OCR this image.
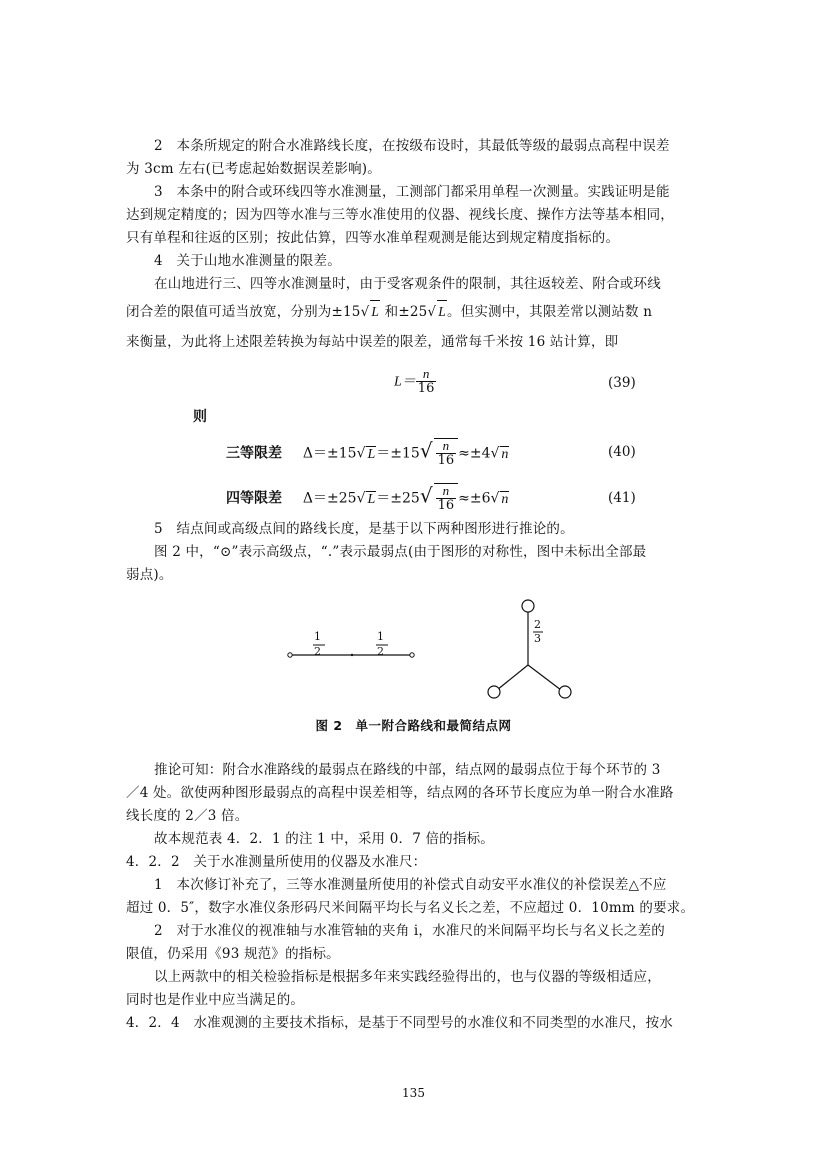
2　本条所规定的附合水准路线长度，在按级布设时，其最低等级的最弱点高程中误差
为 3cm 左右(已考虑起始数据误差影响)。
3　本条中的附合或环线四等水准测量，工测部门都采用单程一次测量。实践证明是能
达到规定精度的；因为四等水准与三等水准使用的仪器、视线长度、操作方法等基本相同，
只有单程和往返的区别；按此估算，四等水准单程观测是能达到规定精度指标的。
4　关于山地水准测量的限差。
在山地进行三、四等水准测量时，由于受客观条件的限制，其往返较差、附合或环线
闭合差的限值可适当放宽，分别为±15√ L 和±25√ L。但实测中，其限差常以测站数 n
来衡量，为此将上述限差转换为每站中误差的限差，通常每千米按 16 站计算，即
$L= \frac{n}{16}$	(39)
则
三等限差 Δ＝±15√ $L=\pm 15√ \frac{n}{16} \approx\pm 4√$ n	(40)
四等限差 Δ＝±25√ $L=\pm 25√ \frac{n}{16} \approx\pm 6√$ n	(41)
5　结点间或高级点间的路线长度，是基于以下两种图形进行推论的。
图 2 中，“⊙”表示高级点，“.”表示最弱点(由于图形的对称性，图中未标出全部最
弱点)。
1
2
1
2
2
3
图 2　单一附合路线和最简结点网
推论可知：附合水准路线的最弱点在路线的中部，结点网的最弱点位于每个环节的 3
／4 处。欲使两种图形最弱点的高程中误差相等，结点网的各环节长度应为单一附合水准路
线长度的 2／3 倍。
故本规范表 4．2．1 的注 1 中，采用 0．7 倍的指标。
4．2．2　关于水准测量所使用的仪器及水准尺：
1　本次修订补充了，三等水准测量所使用的补偿式自动安平水准仪的补偿误差△不应
超过 0．5″，数字水准仪条形码尺米间隔平均长与名义长之差，不应超过 0．10mm 的要求。
2　对于水准仪的视准轴与水准管轴的夹角 i，水准尺的米间隔平均长与名义长之差的
限值，仍采用《93 规范》的指标。
以上两款中的相关检验指标是根据多年来实践经验得出的，也与仪器的等级相适应，
同时也是作业中应当满足的。
4．2．4　水准观测的主要技术指标，是基于不同型号的水准仪和不同类型的水准尺，按水
135
